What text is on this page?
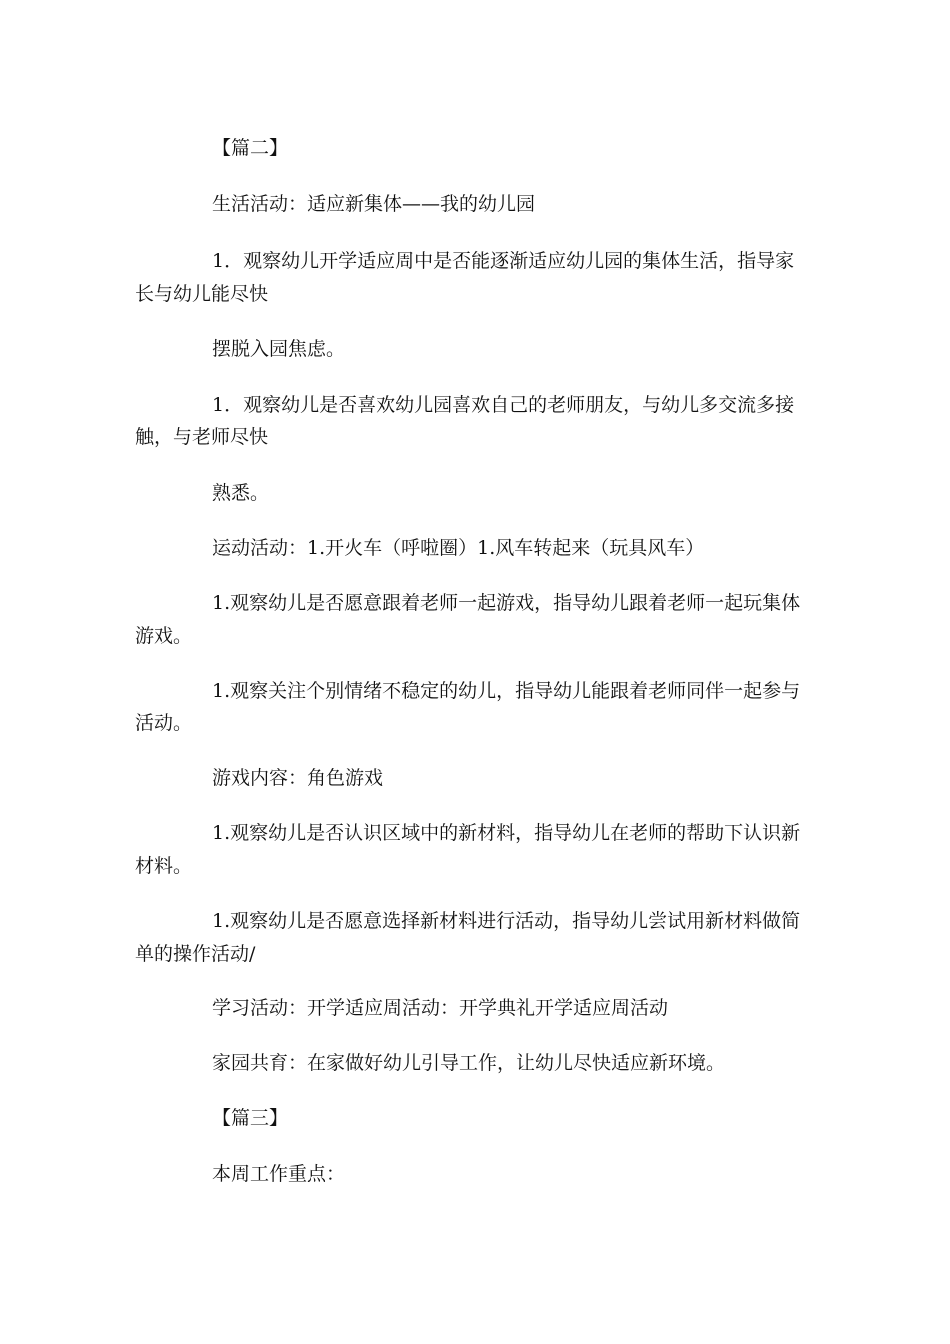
【篇二】

生活活动：适应新集体——我的幼儿园

1．观察幼儿开学适应周中是否能逐渐适应幼儿园的集体生活，指导家

长与幼儿能尽快

摆脱入园焦虑。

1．观察幼儿是否喜欢幼儿园喜欢自己的老师朋友，与幼儿多交流多接

触，与老师尽快

熟悉。

运动活动：1.开火车（呼啦圈）1.风车转起来（玩具风车）

1.观察幼儿是否愿意跟着老师一起游戏，指导幼儿跟着老师一起玩集体

游戏。

1.观察关注个别情绪不稳定的幼儿，指导幼儿能跟着老师同伴一起参与

活动。

游戏内容：角色游戏

1.观察幼儿是否认识区域中的新材料，指导幼儿在老师的帮助下认识新

材料。

1.观察幼儿是否愿意选择新材料进行活动，指导幼儿尝试用新材料做简

单的操作活动/

学习活动：开学适应周活动：开学典礼开学适应周活动

家园共育：在家做好幼儿引导工作，让幼儿尽快适应新环境。

【篇三】

本周工作重点：
